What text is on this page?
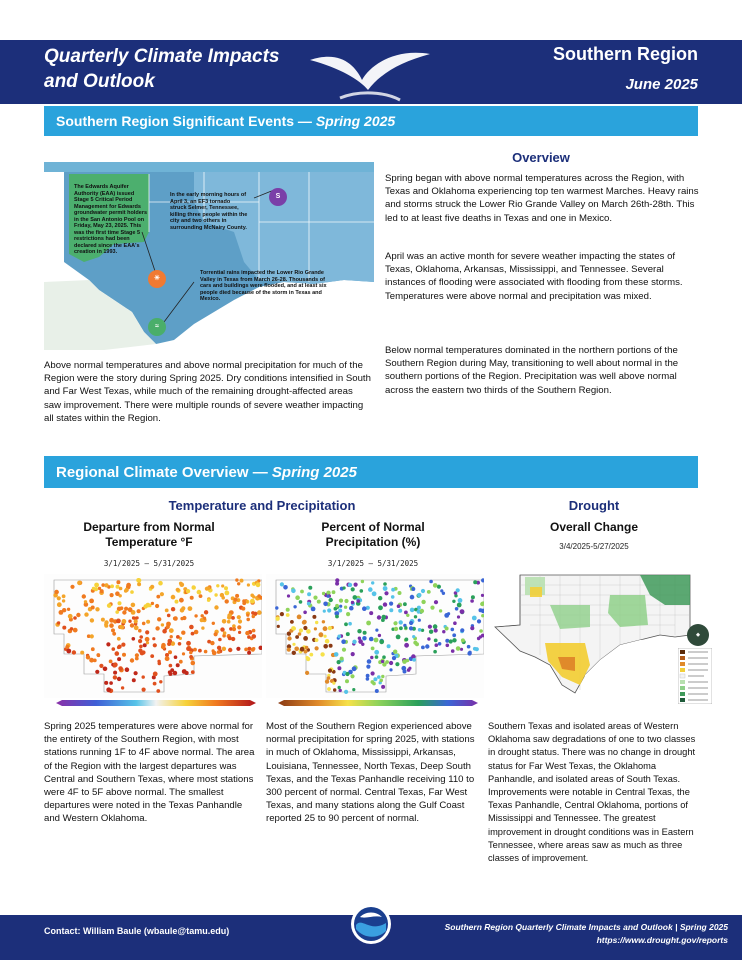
Quarterly Climate Impacts
and Outlook
Southern Region
June 2025
Southern Region Significant Events — Spring 2025
The Edwards Aquifer Authority (EAA) issued Stage 5 Critical Period Management for Edwards groundwater permit holders in the San Antonio Pool on Friday, May 23, 2025. This was the first time Stage 5 restrictions had been declared since the EAA's creation in 1993.
In the early morning hours of April 3, an EF3 tornado struck Selmer, Tennessee, killing three people within the city and two others in surrounding McNairy County.
Torrential rains impacted the Lower Rio Grande Valley in Texas from March 26-28. Thousands of cars and buildings were flooded, and at least six people died because of the storm in Texas and Mexico.
☀
S
≈
Above normal temperatures and above normal precipitation for much of the Region were the story during Spring 2025. Dry conditions intensified in South and Far West Texas, while much of the remaining drought-affected areas saw improvement. There were multiple rounds of severe weather impacting all states within the Region.
Overview

Spring began with above normal temperatures across the Region, with Texas and Oklahoma experiencing top ten warmest Marches. Heavy rains and storms struck the Lower Rio Grande Valley on March 26th-28th. This led to at least five deaths in Texas and one in Mexico.

April was an active month for severe weather impacting the states of Texas, Oklahoma, Arkansas, Mississippi, and Tennessee. Several instances of flooding were associated with flooding from these storms. Temperatures were above normal and precipitation was mixed.

Below normal temperatures dominated in the northern portions of the Southern Region during May, transitioning to well about normal in the southern portions of the Region. Precipitation was well above normal across the eastern two thirds of the Southern Region.

Regional Climate Overview — Spring 2025
Temperature and Precipitation	Drought
Departure from Normal
Temperature °F
3/1/2025 – 5/31/2025
Percent of Normal
Precipitation (%)
3/1/2025 – 5/31/2025
Overall Change
3/4/2025-5/27/2025
◈
Spring 2025 temperatures were above normal for the entirety of the Southern Region, with most stations running 1F to 4F above normal. The area of the Region with the largest departures was Central and Southern Texas, where most stations were 4F to 5F above normal. The smallest departures were noted in the Texas Panhandle and Western Oklahoma.
Most of the Southern Region experienced above normal precipitation for spring 2025, with stations in much of Oklahoma, Mississippi, Arkansas, Louisiana, Tennessee, North Texas, Deep South Texas, and the Texas Panhandle receiving 110 to 300 percent of normal. Central Texas, Far West Texas, and many stations along the Gulf Coast reported 25 to 90 percent of normal.
Southern Texas and isolated areas of Western Oklahoma saw degradations of one to two classes in drought status. There was no change in drought status for Far West Texas, the Oklahoma Panhandle, and isolated areas of South Texas. Improvements were notable in Central Texas, the Texas Panhandle, Central Oklahoma, portions of Mississippi and Tennessee. The greatest improvement in drought conditions was in Eastern Tennessee, where areas saw as much as three classes of improvement.
Contact: William Baule (wbaule@tamu.edu)	Southern Region Quarterly Climate Impacts and Outlook | Spring 2025
https://www.drought.gov/reports
